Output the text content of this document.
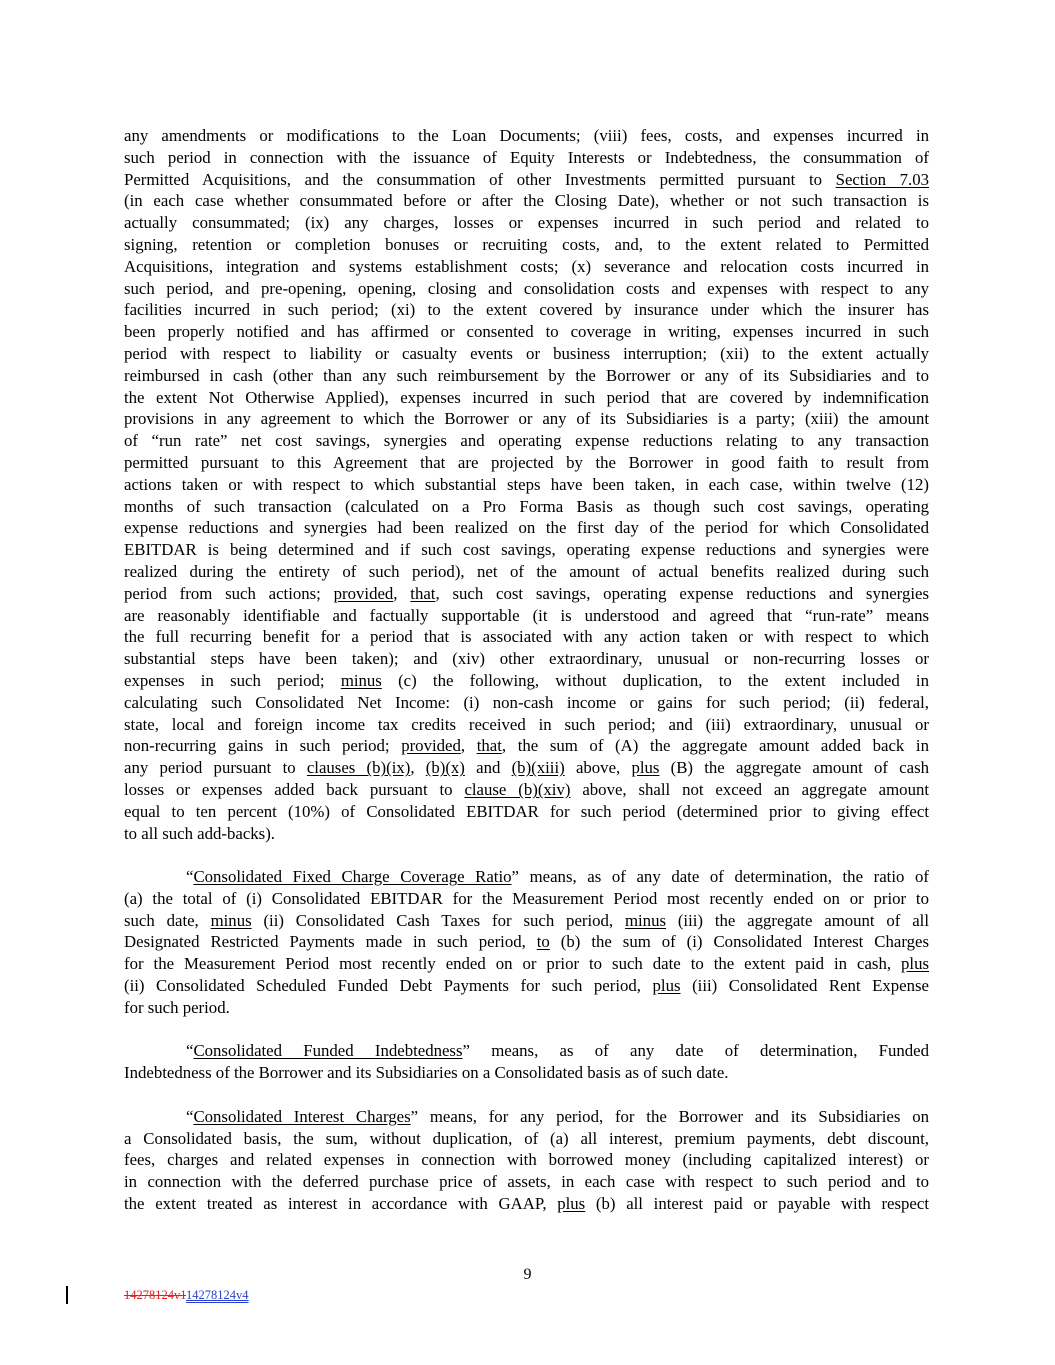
any amendments or modifications to the Loan Documents; (viii) fees, costs, and expenses incurred in
such period in connection with the issuance of Equity Interests or Indebtedness, the consummation of
Permitted Acquisitions, and the consummation of other Investments permitted pursuant to Section 7.03
(in each case whether consummated before or after the Closing Date), whether or not such transaction is
actually consummated; (ix) any charges, losses or expenses incurred in such period and related to
signing, retention or completion bonuses or recruiting costs, and, to the extent related to Permitted
Acquisitions, integration and systems establishment costs; (x) severance and relocation costs incurred in
such period, and pre-opening, opening, closing and consolidation costs and expenses with respect to any
facilities incurred in such period; (xi) to the extent covered by insurance under which the insurer has
been properly notified and has affirmed or consented to coverage in writing, expenses incurred in such
period with respect to liability or casualty events or business interruption; (xii) to the extent actually
reimbursed in cash (other than any such reimbursement by the Borrower or any of its Subsidiaries and to
the extent Not Otherwise Applied), expenses incurred in such period that are covered by indemnification
provisions in any agreement to which the Borrower or any of its Subsidiaries is a party; (xiii) the amount
of “run rate” net cost savings, synergies and operating expense reductions relating to any transaction
permitted pursuant to this Agreement that are projected by the Borrower in good faith to result from
actions taken or with respect to which substantial steps have been taken, in each case, within twelve (12)
months of such transaction (calculated on a Pro Forma Basis as though such cost savings, operating
expense reductions and synergies had been realized on the first day of the period for which Consolidated
EBITDAR is being determined and if such cost savings, operating expense reductions and synergies were
realized during the entirety of such period), net of the amount of actual benefits realized during such
period from such actions; provided, that, such cost savings, operating expense reductions and synergies
are reasonably identifiable and factually supportable (it is understood and agreed that “run-rate” means
the full recurring benefit for a period that is associated with any action taken or with respect to which
substantial steps have been taken); and (xiv) other extraordinary, unusual or non-recurring losses or
expenses in such period; minus (c) the following, without duplication, to the extent included in
calculating such Consolidated Net Income: (i) non-cash income or gains for such period; (ii) federal,
state, local and foreign income tax credits received in such period; and (iii) extraordinary, unusual or
non-recurring gains in such period; provided, that, the sum of (A) the aggregate amount added back in
any period pursuant to clauses (b)(ix), (b)(x) and (b)(xiii) above, plus (B) the aggregate amount of cash
losses or expenses added back pursuant to clause (b)(xiv) above, shall not exceed an aggregate amount
equal to ten percent (10%) of Consolidated EBITDAR for such period (determined prior to giving effect
to all such add-backs).
“Consolidated Fixed Charge Coverage Ratio” means, as of any date of determination, the ratio of
(a) the total of (i) Consolidated EBITDAR for the Measurement Period most recently ended on or prior to
such date, minus (ii) Consolidated Cash Taxes for such period, minus (iii) the aggregate amount of all
Designated Restricted Payments made in such period, to (b) the sum of (i) Consolidated Interest Charges
for the Measurement Period most recently ended on or prior to such date to the extent paid in cash, plus
(ii) Consolidated Scheduled Funded Debt Payments for such period, plus (iii) Consolidated Rent Expense
for such period.
“Consolidated Funded Indebtedness” means, as of any date of determination, Funded
Indebtedness of the Borrower and its Subsidiaries on a Consolidated basis as of such date.
“Consolidated Interest Charges” means, for any period, for the Borrower and its Subsidiaries on
a Consolidated basis, the sum, without duplication, of (a) all interest, premium payments, debt discount,
fees, charges and related expenses in connection with borrowed money (including capitalized interest) or
in connection with the deferred purchase price of assets, in each case with respect to such period and to
the extent treated as interest in accordance with GAAP, plus (b) all interest paid or payable with respect
9
14278124v114278124v4
